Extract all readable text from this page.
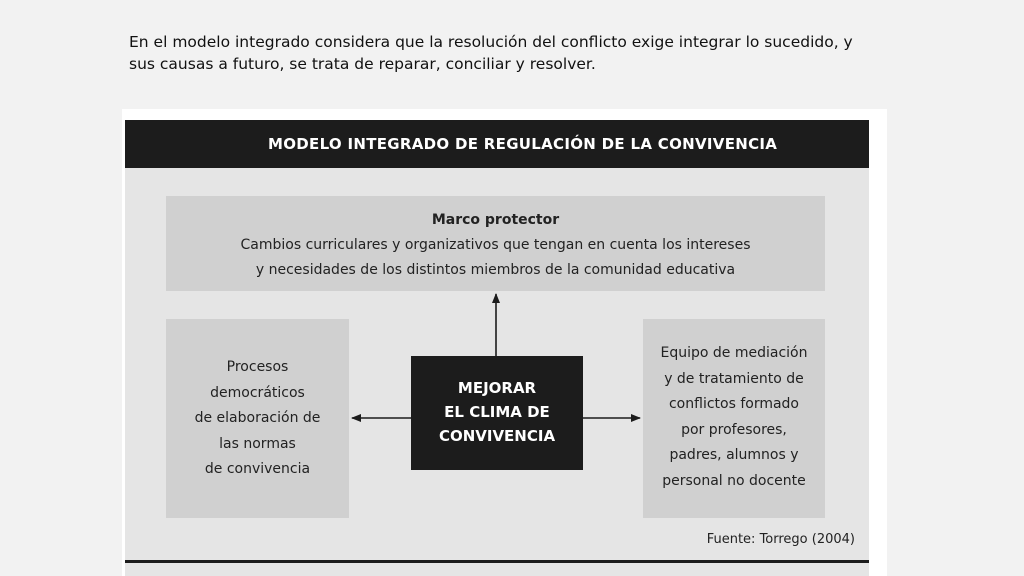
En el modelo integrado considera que la resolución del conflicto exige integrar lo sucedido, y
sus causas a futuro, se trata de reparar, conciliar y resolver.

MODELO INTEGRADO DE REGULACIÓN DE LA CONVIVENCIA
Marco protector
Cambios curriculares y organizativos que tengan en cuenta los intereses
y necesidades de los distintos miembros de la comunidad educativa
Procesos
democráticos
de elaboración de
las normas
de convivencia
MEJORAR
EL CLIMA DE
CONVIVENCIA
Equipo de mediación
y de tratamiento de
conflictos formado
por profesores,
padres, alumnos y
personal no docente
Fuente: Torrego (2004)
